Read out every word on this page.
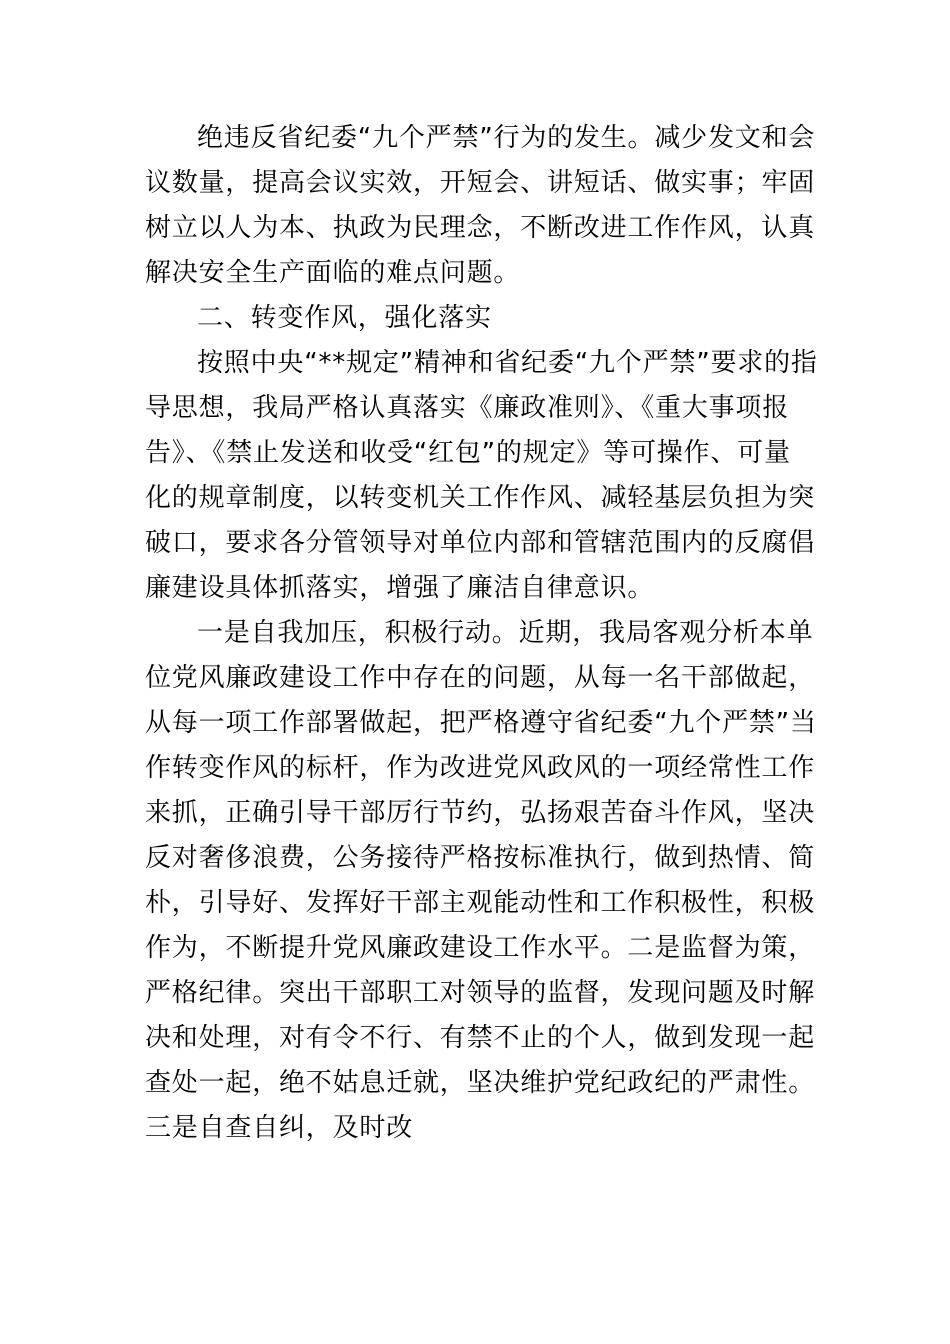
绝违反省纪委“九个严禁”行为的发生。减少发文和会
议数量，提高会议实效，开短会、讲短话、做实事；牢固
树立以人为本、执政为民理念，不断改进工作作风，认真
解决安全生产面临的难点问题。
二、转变作风，强化落实
按照中央“**规定”精神和省纪委“九个严禁”要求的指
导思想，我局严格认真落实《廉政准则》、《重大事项报
告》、《禁止发送和收受“红包”的规定》等可操作、可量
化的规章制度，以转变机关工作作风、减轻基层负担为突
破口，要求各分管领导对单位内部和管辖范围内的反腐倡
廉建设具体抓落实，增强了廉洁自律意识。
一是自我加压，积极行动。近期，我局客观分析本单
位党风廉政建设工作中存在的问题，从每一名干部做起，
从每一项工作部署做起，把严格遵守省纪委“九个严禁”当
作转变作风的标杆，作为改进党风政风的一项经常性工作
来抓，正确引导干部厉行节约，弘扬艰苦奋斗作风，坚决
反对奢侈浪费，公务接待严格按标准执行，做到热情、简
朴，引导好、发挥好干部主观能动性和工作积极性，积极
作为，不断提升党风廉政建设工作水平。二是监督为策，
严格纪律。突出干部职工对领导的监督，发现问题及时解
决和处理，对有令不行、有禁不止的个人，做到发现一起
查处一起，绝不姑息迁就，坚决维护党纪政纪的严肃性。
三是自查自纠，及时改
